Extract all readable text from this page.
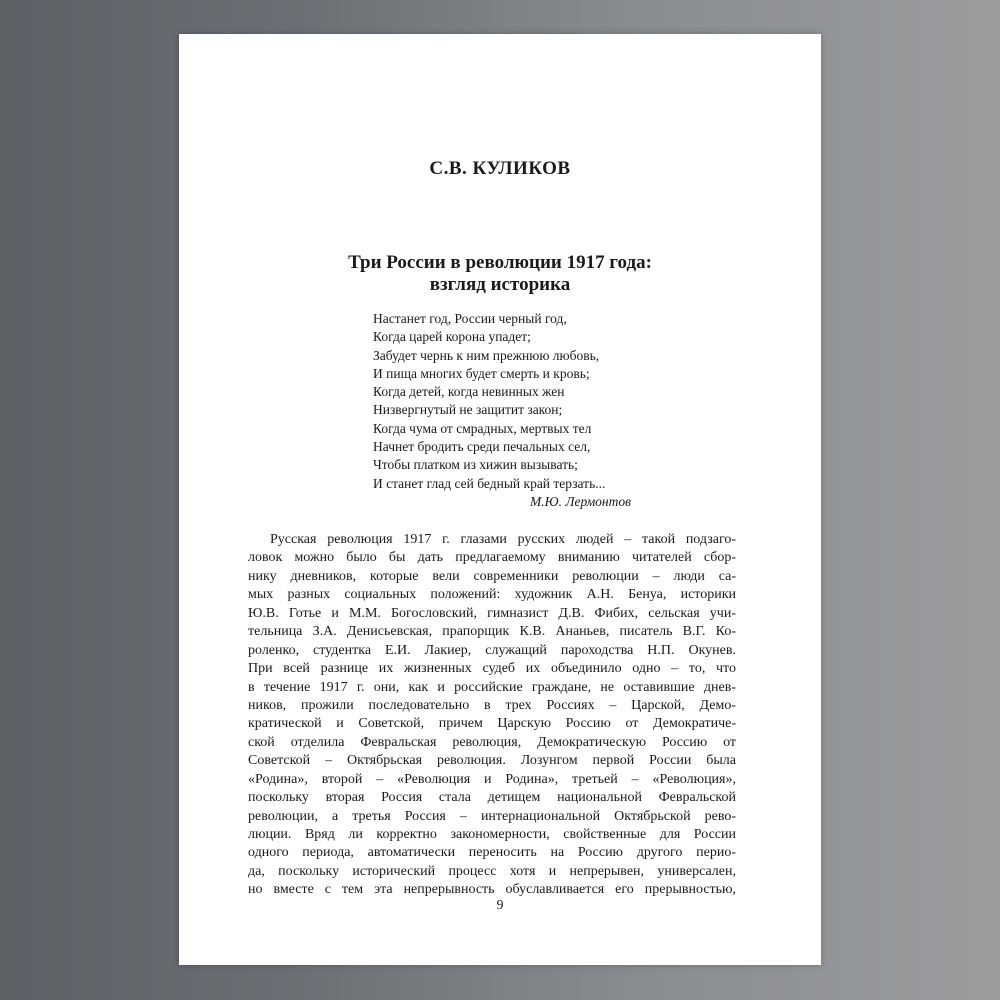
С.В. КУЛИКОВ
Три России в революции 1917 года:
взгляд историка
Настанет год, России черный год,
Когда царей корона упадет;
Забудет чернь к ним прежнюю любовь,
И пища многих будет смерть и кровь;
Когда детей, когда невинных жен
Низвергнутый не защитит закон;
Когда чума от смрадных, мертвых тел
Начнет бродить среди печальных сел,
Чтобы платком из хижин вызывать;
И станет глад сей бедный край терзать...
М.Ю. Лермонтов
Русская революция 1917 г. глазами русских людей – такой подзаго-
ловок можно было бы дать предлагаемому вниманию читателей сбор-
нику дневников, которые вели современники революции – люди са-
мых разных социальных положений: художник А.Н. Бенуа, историки
Ю.В. Готье и М.М. Богословский, гимназист Д.В. Фибих, сельская учи-
тельница З.А. Денисьевская, прапорщик К.В. Ананьев, писатель В.Г. Ко-
роленко, студентка Е.И. Лакиер, служащий пароходства Н.П. Окунев.
При всей разнице их жизненных судеб их объединило одно – то, что
в течение 1917 г. они, как и российские граждане, не оставившие днев-
ников, прожили последовательно в трех Россиях – Царской, Демо-
кратической и Советской, причем Царскую Россию от Демократиче-
ской отделила Февральская революция, Демократическую Россию от
Советской – Октябрьская революция. Лозунгом первой России была
«Родина», второй – «Революция и Родина», третьей – «Революция»,
поскольку вторая Россия стала детищем национальной Февральской
революции, а третья Россия – интернациональной Октябрьской рево-
люции. Вряд ли корректно закономерности, свойственные для России
одного периода, автоматически переносить на Россию другого перио-
да, поскольку исторический процесс хотя и непрерывен, универсален,
но вместе с тем эта непрерывность обуславливается его прерывностью,
9
